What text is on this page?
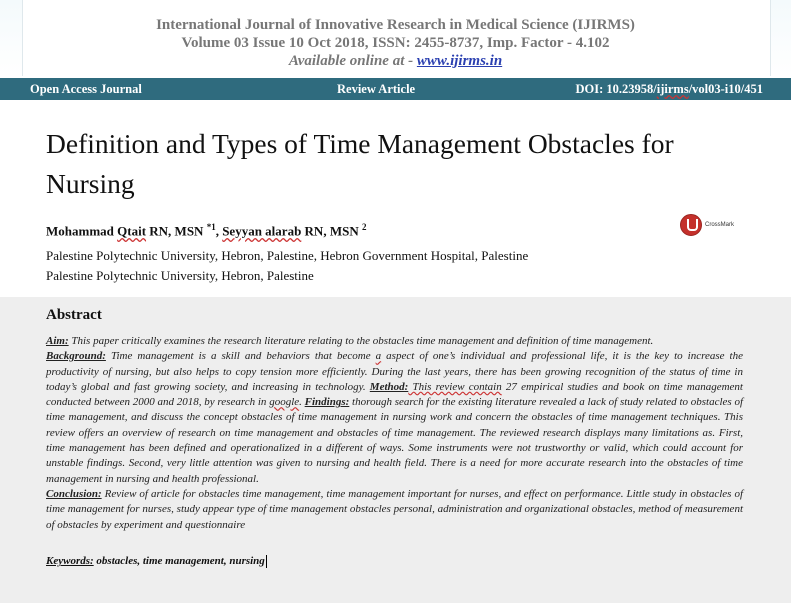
International Journal of Innovative Research in Medical Science (IJIRMS)
Volume 03 Issue 10 Oct 2018, ISSN: 2455-8737, Imp. Factor - 4.102
Available online at - www.ijirms.in
Open Access Journal	Review Article	DOI: 10.23958/ijirms/vol03-i10/451
Definition and Types of Time Management Obstacles for Nursing
Mohammad Qtait RN, MSN $^{*1}$, Seyyan alarab RN, MSN $^2$	CrossMark
Palestine Polytechnic University, Hebron, Palestine, Hebron Government Hospital, Palestine
Palestine Polytechnic University, Hebron, Palestine
Abstract
Aim: This paper critically examines the research literature relating to the obstacles time management and definition of time management.
Background: Time management is a skill and behaviors that become a aspect of one’s individual and professional life, it is the key to increase the productivity of nursing, but also helps to copy tension more efficiently. During the last years, there has been growing recognition of the status of time in today’s global and fast growing society, and increasing in technology. Method: This review contain 27 empirical studies and book on time management conducted between 2000 and 2018, by research in google. Findings: thorough search for the existing literature revealed a lack of study related to obstacles of time management, and discuss the concept obstacles of time management in nursing work and concern the obstacles of time management techniques. This review offers an overview of research on time management and obstacles of time management. The reviewed research displays many limitations as. First, time management has been defined and operationalized in a different of ways. Some instruments were not trustworthy or valid, which could account for unstable findings. Second, very little attention was given to nursing and health field. There is a need for more accurate research into the obstacles of time management in nursing and health professional.
Conclusion: Review of article for obstacles time management, time management important for nurses, and effect on performance. Little study in obstacles of time management for nurses, study appear type of time management obstacles personal, administration and organizational obstacles, method of measurement of obstacles by experiment and questionnaire
Keywords: obstacles, time management, nursing
